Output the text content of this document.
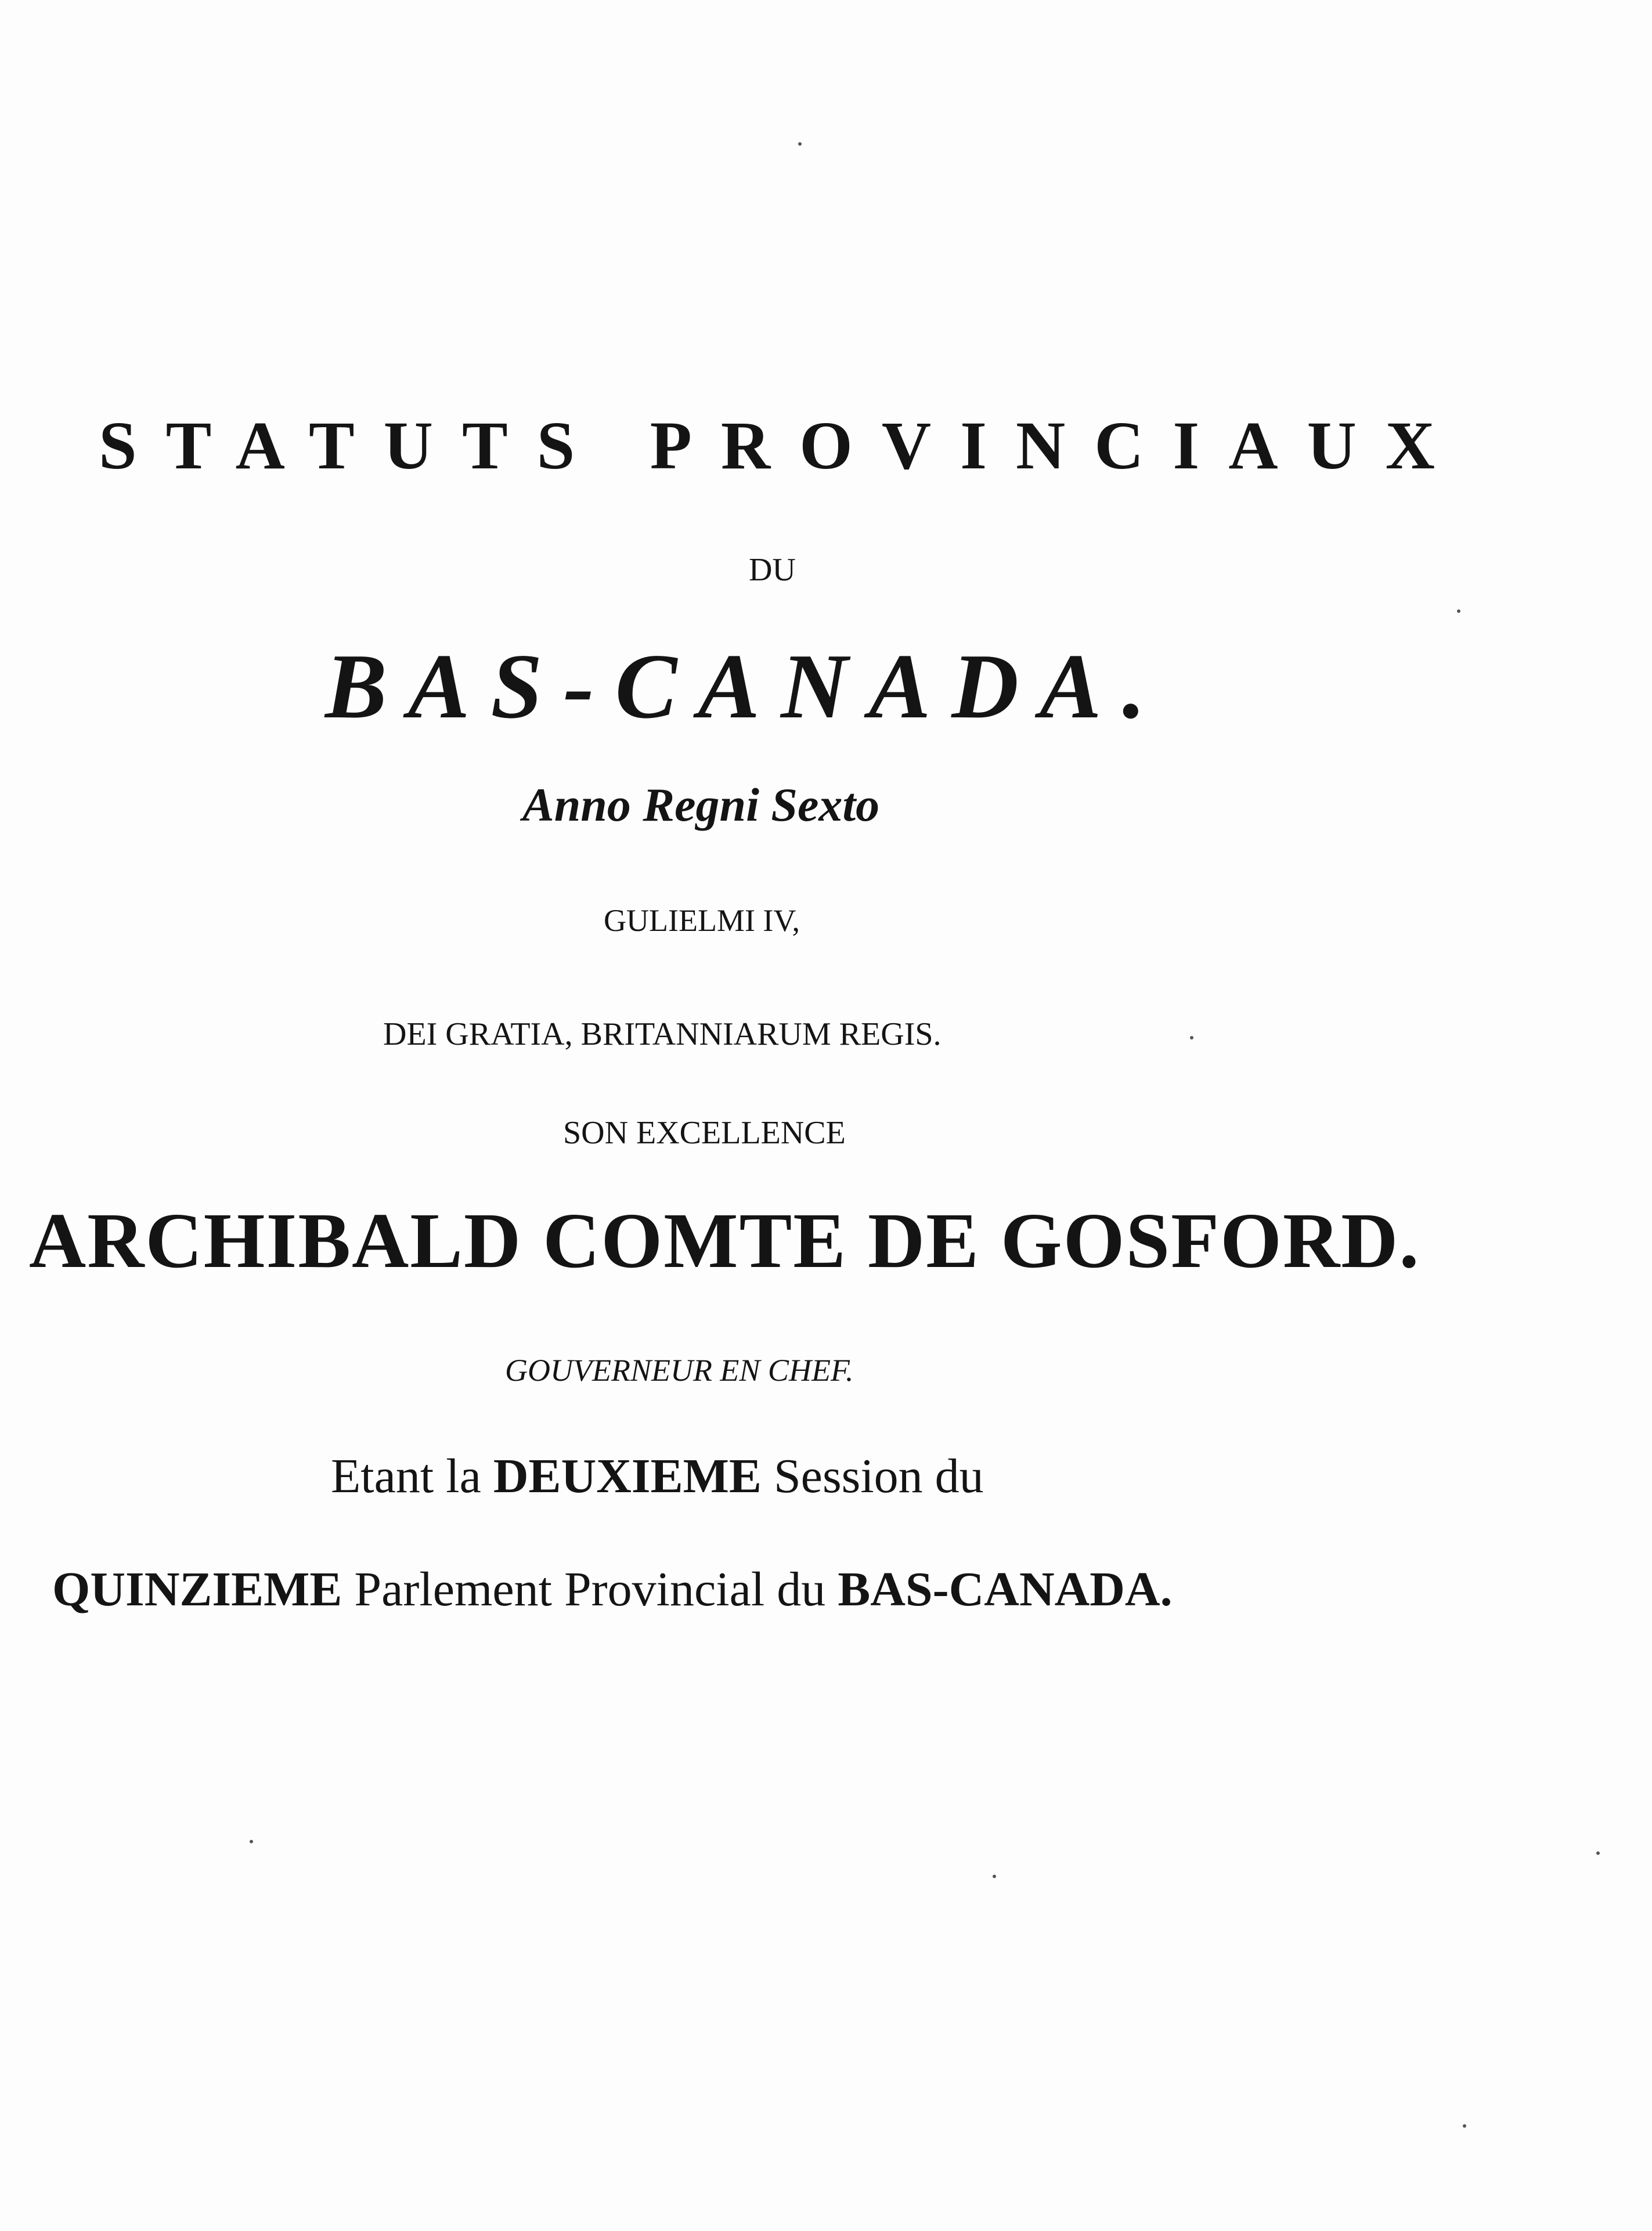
STATUTS PROVINCIAUX
DU
BAS-CANADA.
Anno Regni Sexto
GULIELMI IV,
DEI GRATIA, BRITANNIARUM REGIS.
SON EXCELLENCE
ARCHIBALD COMTE DE GOSFORD.
GOUVERNEUR EN CHEF.
Etant la DEUXIEME Session du
QUINZIEME Parlement Provincial du BAS-CANADA.
